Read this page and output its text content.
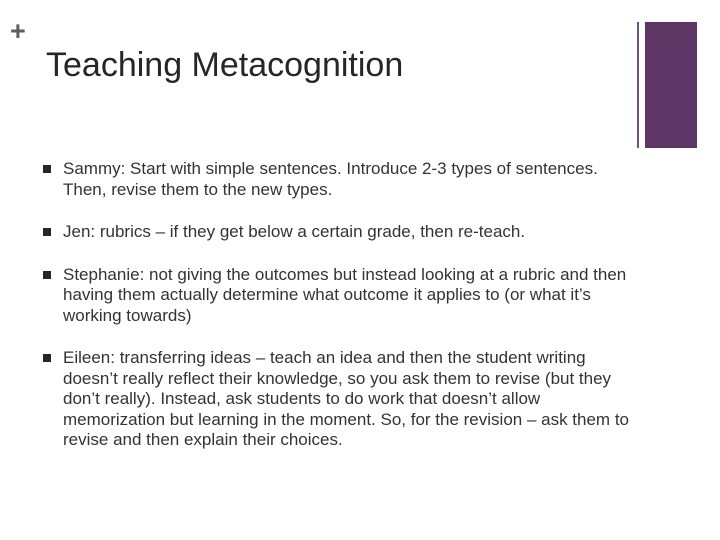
+
Teaching Metacognition
Sammy: Start with simple sentences. Introduce 2-3 types of sentences. Then, revise them to the new types.
Jen: rubrics – if they get below a certain grade, then re-teach.
Stephanie: not giving the outcomes but instead looking at a rubric and then having them actually determine what outcome it applies to (or what it’s working towards)
Eileen: transferring ideas – teach an idea and then the student writing doesn’t really reflect their knowledge, so you ask them to revise (but they don’t really). Instead, ask students to do work that doesn’t allow memorization but learning in the moment. So, for the revision – ask them to revise and then explain their choices.
